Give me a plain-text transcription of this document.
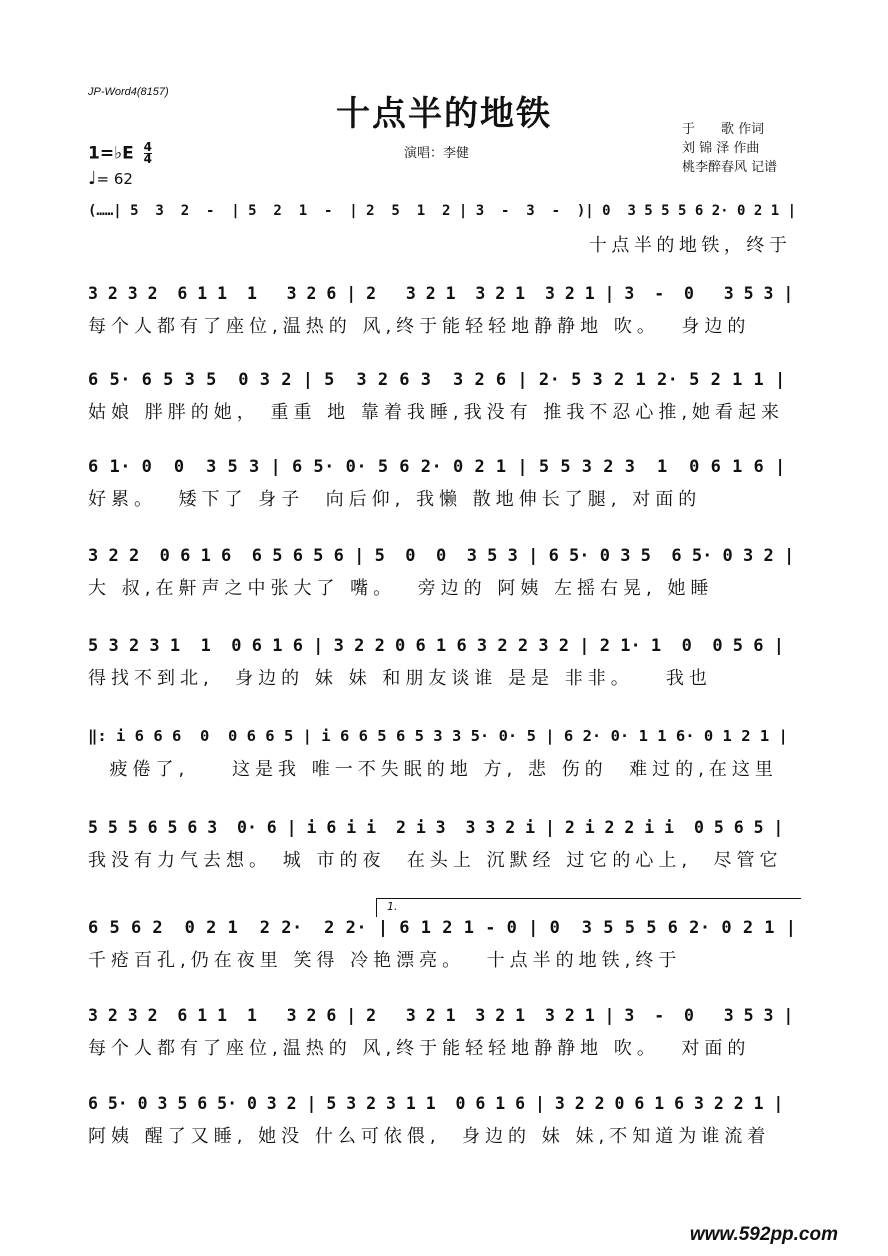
JP-Word4(8157)
十点半的地铁
1=♭E $\frac{4}{4}$
♩= 62
演唱：李健
于　　歌 作词
刘 锦 泽 作曲
桃李醉春风 记谱
1.
(……| 5  3  2  -  | 5  2  1  -  | 2  5  1  2 | 3  -  3  -  )| 0  3 5 5 5 6 2· 0 2 1 |
十点半的地铁，终于
3 2 3 2  6 1 1  1   3 2 6 | 2   3 2 1  3 2 1  3 2 1 | 3  -  0   3 5 3 |
每个人都有了座位,温热的 风,终于能轻轻地静静地 吹。  身边的
6 5· 6 5 3 5  0 3 2 | 5  3 2 6 3  3 2 6 | 2· 5 3 2 1 2· 5 2 1 1 |
姑娘 胖胖的她， 重重 地 靠着我睡,我没有 推我不忍心推,她看起来
6 1· 0  0  3 5 3 | 6 5· 0· 5 6 2· 0 2 1 | 5 5 3 2 3  1  0 6 1 6 |
好累。  矮下了 身子  向后仰, 我懒 散地伸长了腿, 对面的
3 2 2  0 6 1 6  6 5 6 5 6 | 5  0  0  3 5 3 | 6 5· 0 3 5  6 5· 0 3 2 |
大 叔,在鼾声之中张大了 嘴。  旁边的 阿姨 左摇右晃, 她睡
5 3 2 3 1  1  0 6 1 6 | 3 2 2 0 6 1 6 3 2 2 3 2 | 2 1· 1  0  0 5 6 |
得找不到北,  身边的 妹 妹 和朋友谈谁 是是 非非。   我也
‖: i 6 6 6  0  0 6 6 5 | i 6 6 5 6 5 3 3 5· 0· 5 | 6 2· 0· 1 1 6· 0 1 2 1 |
疲倦了,    这是我 唯一不失眠的地 方, 悲 伤的  难过的,在这里
5 5 5 6 5 6 3  0· 6 | i 6 i i  2 i 3  3 3 2 i | 2 i 2 2 i i  0 5 6 5 |
我没有力气去想。 城 市的夜  在头上 沉默经 过它的心上,  尽管它
6 5 6 2  0 2 1  2 2·  2 2· | 6 1 2 1 - 0 | 0  3 5 5 5 6 2· 0 2 1 |
千疮百孔,仍在夜里 笑得 冷艳漂亮。  十点半的地铁,终于
3 2 3 2  6 1 1  1   3 2 6 | 2   3 2 1  3 2 1  3 2 1 | 3  -  0   3 5 3 |
每个人都有了座位,温热的 风,终于能轻轻地静静地 吹。  对面的
6 5· 0 3 5 6 5· 0 3 2 | 5 3 2 3 1 1  0 6 1 6 | 3 2 2 0 6 1 6 3 2 2 1 |
阿姨 醒了又睡, 她没 什么可依偎,  身边的 妹 妹,不知道为谁流着
www.592pp.com
